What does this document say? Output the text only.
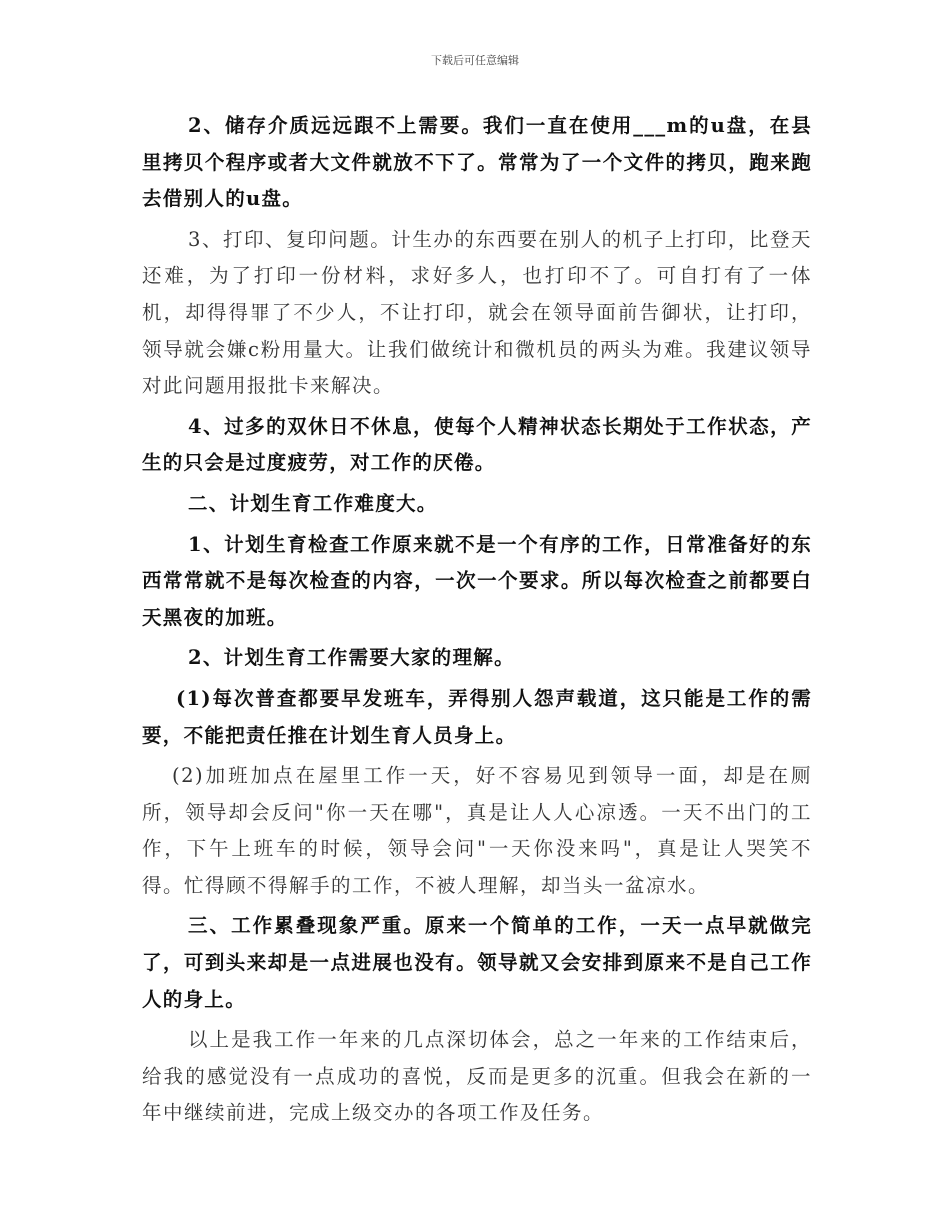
下载后可任意编辑

2、储存介质远远跟不上需要。我们一直在使用___m的u盘，在县里拷贝个程序或者大文件就放不下了。常常为了一个文件的拷贝，跑来跑去借别人的u盘。

3、打印、复印问题。计生办的东西要在别人的机子上打印，比登天还难，为了打印一份材料，求好多人，也打印不了。可自打有了一体机，却得得罪了不少人，不让打印，就会在领导面前告御状，让打印，领导就会嫌c粉用量大。让我们做统计和微机员的两头为难。我建议领导对此问题用报批卡来解决。

4、过多的双休日不休息，使每个人精神状态长期处于工作状态，产生的只会是过度疲劳，对工作的厌倦。

二、计划生育工作难度大。

1、计划生育检查工作原来就不是一个有序的工作，日常准备好的东西常常就不是每次检查的内容，一次一个要求。所以每次检查之前都要白天黑夜的加班。

2、计划生育工作需要大家的理解。

(1)每次普查都要早发班车，弄得别人怨声载道，这只能是工作的需要，不能把责任推在计划生育人员身上。

(2)加班加点在屋里工作一天，好不容易见到领导一面，却是在厕所，领导却会反问"你一天在哪"，真是让人人心凉透。一天不出门的工作，下午上班车的时候，领导会问"一天你没来吗"，真是让人哭笑不得。忙得顾不得解手的工作，不被人理解，却当头一盆凉水。

三、工作累叠现象严重。原来一个简单的工作，一天一点早就做完了，可到头来却是一点进展也没有。领导就又会安排到原来不是自己工作人的身上。

以上是我工作一年来的几点深切体会，总之一年来的工作结束后，给我的感觉没有一点成功的喜悦，反而是更多的沉重。但我会在新的一年中继续前进，完成上级交办的各项工作及任务。
